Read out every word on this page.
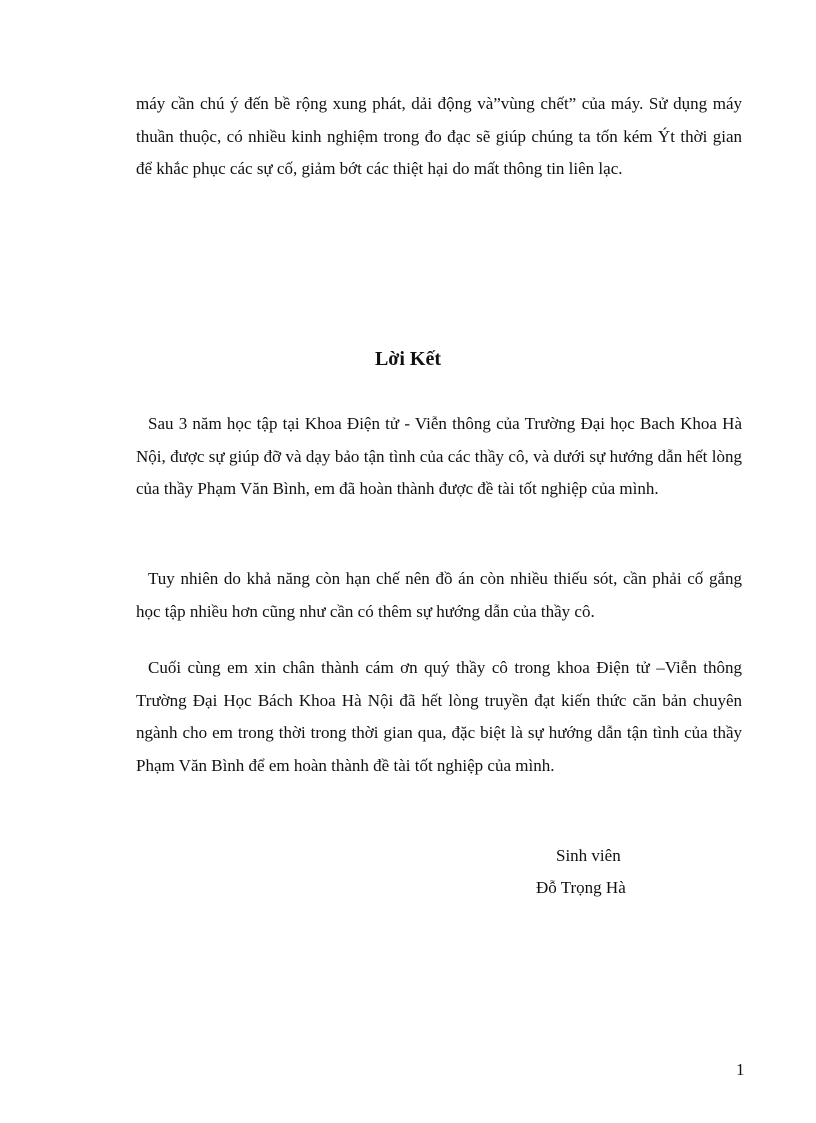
máy cần chú ý đến bề rộng xung phát, dải động và”vùng chết” của máy. Sử dụng máy thuần thuộc, có nhiều kinh nghiệm trong đo đạc sẽ giúp chúng ta tốn kém Ýt thời gian để khắc phục các sự cố, giảm bớt các thiệt hại do mất thông tin liên lạc.

Lời Kết

Sau 3 năm học tập tại Khoa Điện tử - Viễn thông của Trường Đại học Bach Khoa Hà Nội, được sự giúp đỡ và dạy bảo tận tình của các thầy cô, và dưới sự hướng dẫn hết lòng của thầy Phạm Văn Bình, em đã hoàn thành được đề tài tốt nghiệp của mình.

Tuy nhiên do khả năng còn hạn chế nên đồ án còn nhiều thiếu sót, cần phải cố gắng học tập nhiều hơn cũng như cần có thêm sự hướng dẫn của thầy cô.

Cuối cùng em xin chân thành cám ơn quý thầy cô trong khoa Điện tử –Viễn thông Trường Đại Học Bách Khoa Hà Nội đã hết lòng truyền đạt kiến thức căn bản chuyên ngành cho em trong thời trong thời gian qua, đặc biệt là sự hướng dẫn tận tình của thầy Phạm Văn Bình để em hoàn thành đề tài tốt nghiệp của mình.

Sinh viên

Đỗ Trọng Hà

1
